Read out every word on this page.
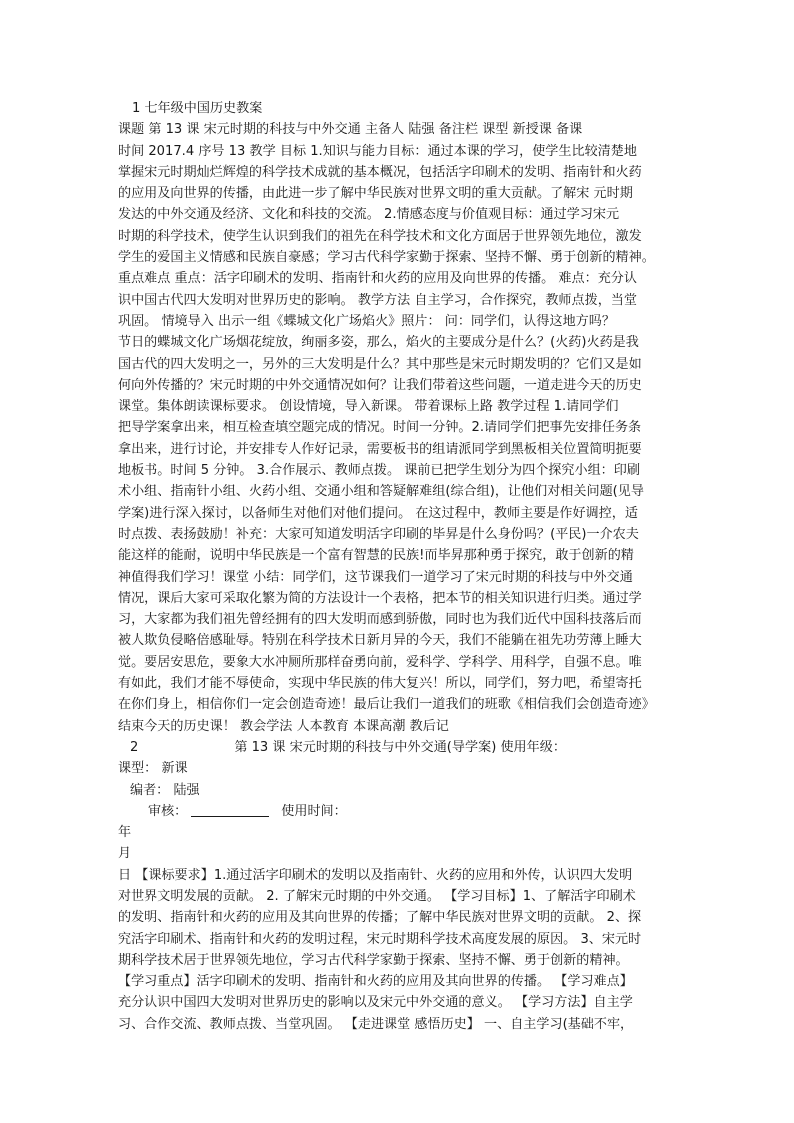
1 七年级中国历史教案
课题 第 13 课 宋元时期的科技与中外交通 主备人 陆强 备注栏 课型 新授课 备课
时间 2017.4 序号 13 教学 目标 1.知识与能力目标：通过本课的学习，使学生比较清楚地
掌握宋元时期灿烂辉煌的科学技术成就的基本概况，包括活字印刷术的发明、指南针和火药
的应用及向世界的传播，由此进一步了解中华民族对世界文明的重大贡献。了解宋 元时期
发达的中外交通及经济、文化和科技的交流。 2.情感态度与价值观目标：通过学习宋元
时期的科学技术，使学生认识到我们的祖先在科学技术和文化方面居于世界领先地位，激发
学生的爱国主义情感和民族自豪感；学习古代科学家勤于探索、坚持不懈、勇于创新的精神。
重点难点 重点：活字印刷术的发明、指南针和火药的应用及向世界的传播。 难点：充分认
识中国古代四大发明对世界历史的影响。 教学方法 自主学习，合作探究，教师点拨，当堂
巩固。 情境导入 出示一组《蝶城文化广场焰火》照片： 问：同学们，认得这地方吗？
节日的蝶城文化广场烟花绽放，绚丽多姿，那么，焰火的主要成分是什么？(火药)火药是我
国古代的四大发明之一，另外的三大发明是什么？其中那些是宋元时期发明的？它们又是如
何向外传播的？宋元时期的中外交通情况如何？让我们带着这些问题，一道走进今天的历史
课堂。集体朗读课标要求。 创设情境，导入新课。 带着课标上路 教学过程 1.请同学们
把导学案拿出来，相互检查填空题完成的情况。时间一分钟。2.请同学们把事先安排任务条
拿出来，进行讨论，并安排专人作好记录，需要板书的组请派同学到黑板相关位置简明扼要
地板书。时间 5 分钟。 3.合作展示、教师点拨。 课前已把学生划分为四个探究小组：印刷
术小组、指南针小组、火药小组、交通小组和答疑解难组(综合组)，让他们对相关问题(见导
学案)进行深入探讨，以备师生对他们对他们提问。 在这过程中，教师主要是作好调控，适
时点拨、表扬鼓励！补充：大家可知道发明活字印刷的毕昇是什么身份吗？(平民)一介农夫
能这样的能耐，说明中华民族是一个富有智慧的民族!而毕昇那种勇于探究，敢于创新的精
神值得我们学习！课堂 小结：同学们，这节课我们一道学习了宋元时期的科技与中外交通
情况，课后大家可采取化繁为简的方法设计一个表格，把本节的相关知识进行归类。通过学
习，大家都为我们祖先曾经拥有的四大发明而感到骄傲，同时也为我们近代中国科技落后而
被人欺负侵略倍感耻辱。特别在科学技术日新月异的今天，我们不能躺在祖先功劳薄上睡大
觉。要居安思危，要象大水冲厕所那样奋勇向前，爱科学、学科学、用科学，自强不息。唯
有如此，我们才能不辱使命，实现中华民族的伟大复兴！所以，同学们，努力吧，希望寄托
在你们身上，相信你们一定会创造奇迹！最后让我们一道我们的班歌《相信我们会创造奇迹》
结束今天的历史课！ 教会学法 人本教育 本课高潮 教后记
2	第 13 课 宋元时期的科技与中外交通(导学案) 使用年级：
课型： 新课
编者： 陆强
审核：	使用时间：
年
月
日 【课标要求】1.通过活字印刷术的发明以及指南针、火药的应用和外传，认识四大发明
对世界文明发展的贡献。 2. 了解宋元时期的中外交通。 【学习目标】1、了解活字印刷术
的发明、指南针和火药的应用及其向世界的传播；了解中华民族对世界文明的贡献。 2、探
究活字印刷术、指南针和火药的发明过程，宋元时期科学技术高度发展的原因。 3、宋元时
期科学技术居于世界领先地位，学习古代科学家勤于探索、坚持不懈、勇于创新的精神。
【学习重点】活字印刷术的发明、指南针和火药的应用及其向世界的传播。 【学习难点】
充分认识中国四大发明对世界历史的影响以及宋元中外交通的意义。 【学习方法】自主学
习、合作交流、教师点拨、当堂巩固。 【走进课堂 感悟历史】 一、自主学习(基础不牢，
